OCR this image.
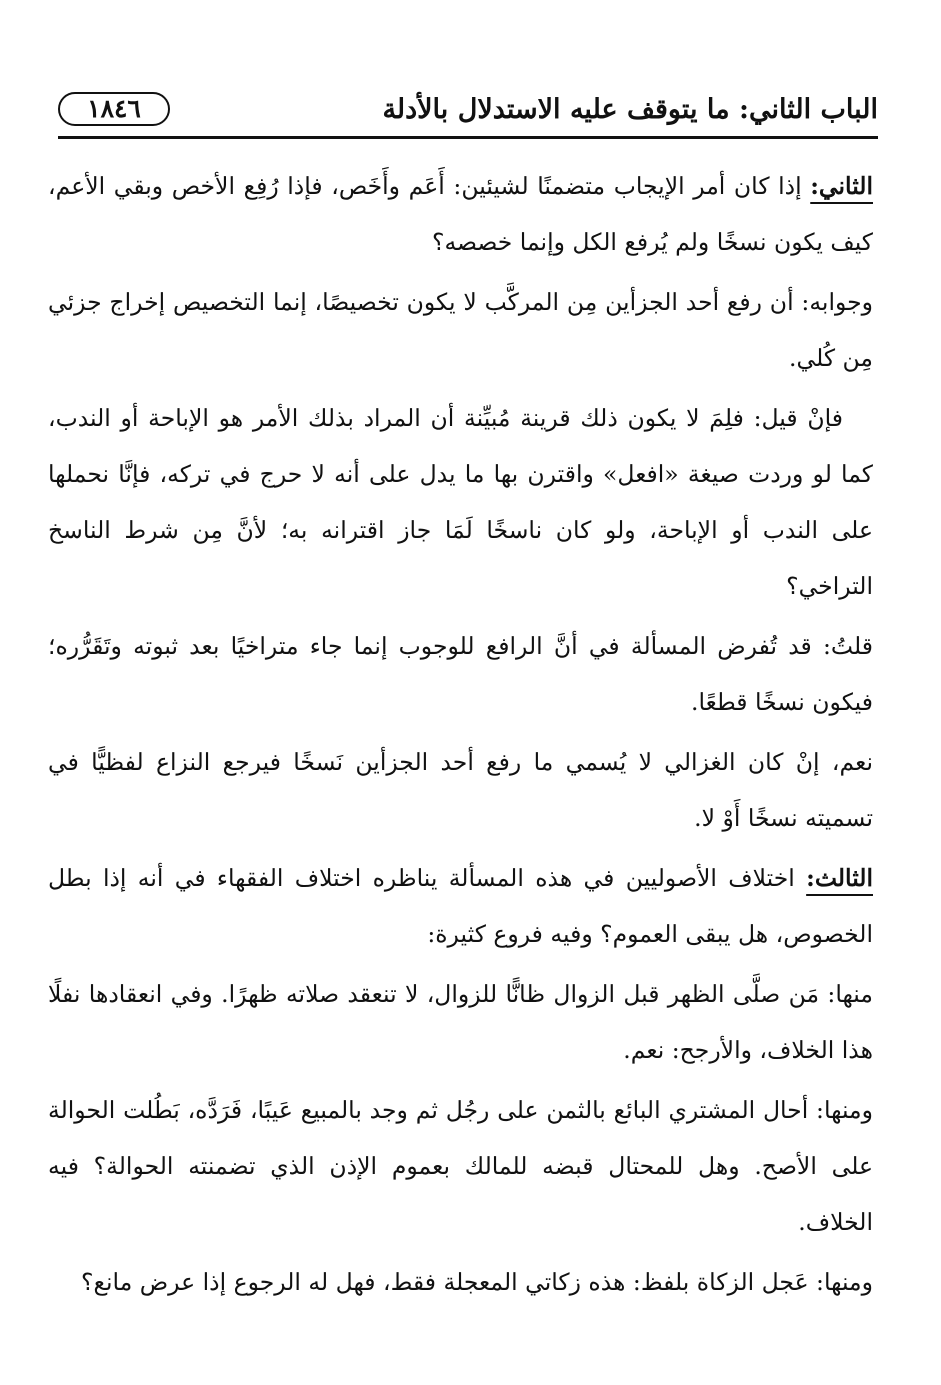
الباب الثاني: ما يتوقف عليه الاستدلال بالأدلة
١٨٤٦

الثاني: إذا كان أمر الإيجاب متضمنًا لشيئين: أَعَم وأَخَص، فإذا رُفِع الأخص وبقي الأعم، كيف يكون نسخًا ولم يُرفع الكل وإنما خصصه؟

وجوابه: أن رفع أحد الجزأين مِن المركَّب لا يكون تخصيصًا، إنما التخصيص إخراج جزئي مِن كُلي.

فإنْ قيل: فلِمَ لا يكون ذلك قرينة مُبيِّنة أن المراد بذلك الأمر هو الإباحة أو الندب، كما لو وردت صيغة «افعل» واقترن بها ما يدل على أنه لا حرج في تركه، فإنَّا نحملها على الندب أو الإباحة، ولو كان ناسخًا لَمَا جاز اقترانه به؛ لأنَّ مِن شرط الناسخ التراخي؟

قلتُ: قد تُفرض المسألة في أنَّ الرافع للوجوب إنما جاء متراخيًا بعد ثبوته وتَقَرُّره؛ فيكون نسخًا قطعًا.

نعم، إنْ كان الغزالي لا يُسمي ما رفع أحد الجزأين نَسخًا فيرجع النزاع لفظيًّا في تسميته نسخًا أَوْ لا.

الثالث: اختلاف الأصوليين في هذه المسألة يناظره اختلاف الفقهاء في أنه إذا بطل الخصوص، هل يبقى العموم؟ وفيه فروع كثيرة:

منها: مَن صلَّى الظهر قبل الزوال ظانًّا للزوال، لا تنعقد صلاته ظهرًا. وفي انعقادها نفلًا هذا الخلاف، والأرجح: نعم.

ومنها: أحال المشتري البائع بالثمن على رجُل ثم وجد بالمبيع عَيبًا، فَرَدَّه، بَطُلت الحوالة على الأصح. وهل للمحتال قبضه للمالك بعموم الإذن الذي تضمنته الحوالة؟ فيه الخلاف.

ومنها: عَجل الزكاة بلفظ: هذه زكاتي المعجلة فقط، فهل له الرجوع إذا عرض مانع؟
